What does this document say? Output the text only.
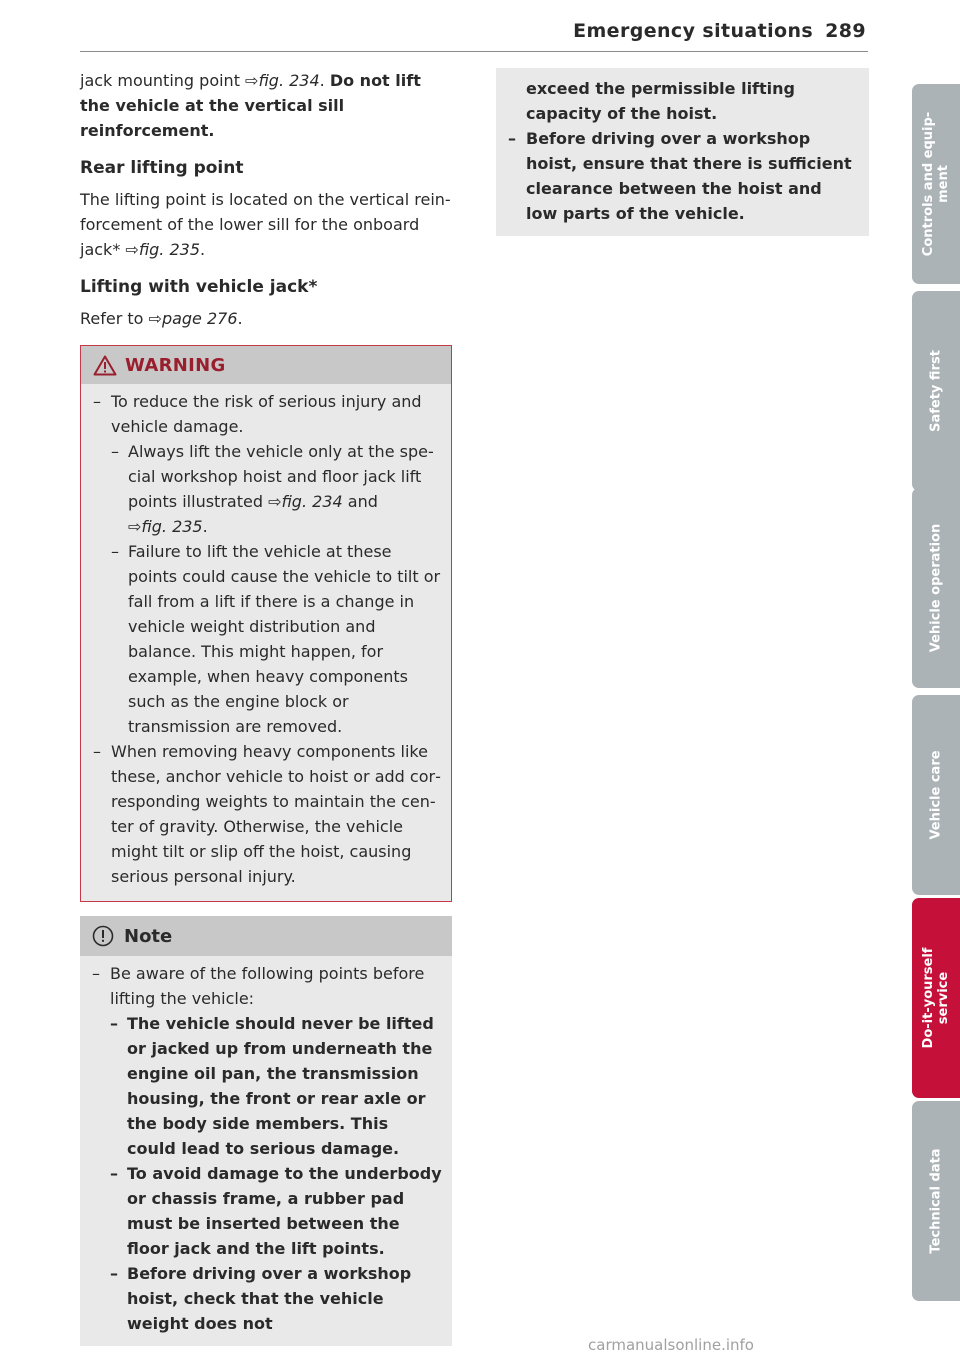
Emergency situations 289

jack mounting point ⇨fig. 234. Do not lift the vehicle at the vertical sill reinforcement.

Rear lifting point

The lifting point is located on the vertical reinforcement of the lower sill for the onboard jack* ⇨fig. 235.

Lifting with vehicle jack*

Refer to ⇨page 276.

WARNING
– To reduce the risk of serious injury and vehicle damage.
– Always lift the vehicle only at the special workshop hoist and floor jack lift points illustrated ⇨fig. 234 and
⇨fig. 235.
– Failure to lift the vehicle at these points could cause the vehicle to tilt or fall from a lift if there is a change in vehicle weight distribution and balance. This might happen, for example, when heavy components such as the engine block or transmission are removed.
– When removing heavy components like these, anchor vehicle to hoist or add corresponding weights to maintain the center of gravity. Otherwise, the vehicle might tilt or slip off the hoist, causing serious personal injury.
Note
– Be aware of the following points before lifting the vehicle:
– The vehicle should never be lifted or jacked up from underneath the engine oil pan, the transmission housing, the front or rear axle or the body side members. This could lead to serious damage.
– To avoid damage to the underbody or chassis frame, a rubber pad must be inserted between the floor jack and the lift points.
– Before driving over a workshop hoist, check that the vehicle weight does not
exceed the permissible lifting capacity of the hoist.
– Before driving over a workshop hoist, ensure that there is sufficient clearance between the hoist and low parts of the vehicle.	Controls and equip- ment
Safety first
Vehicle operation
Vehicle care
Do-it-yourself service
Technical data
carmanualsonline.info
